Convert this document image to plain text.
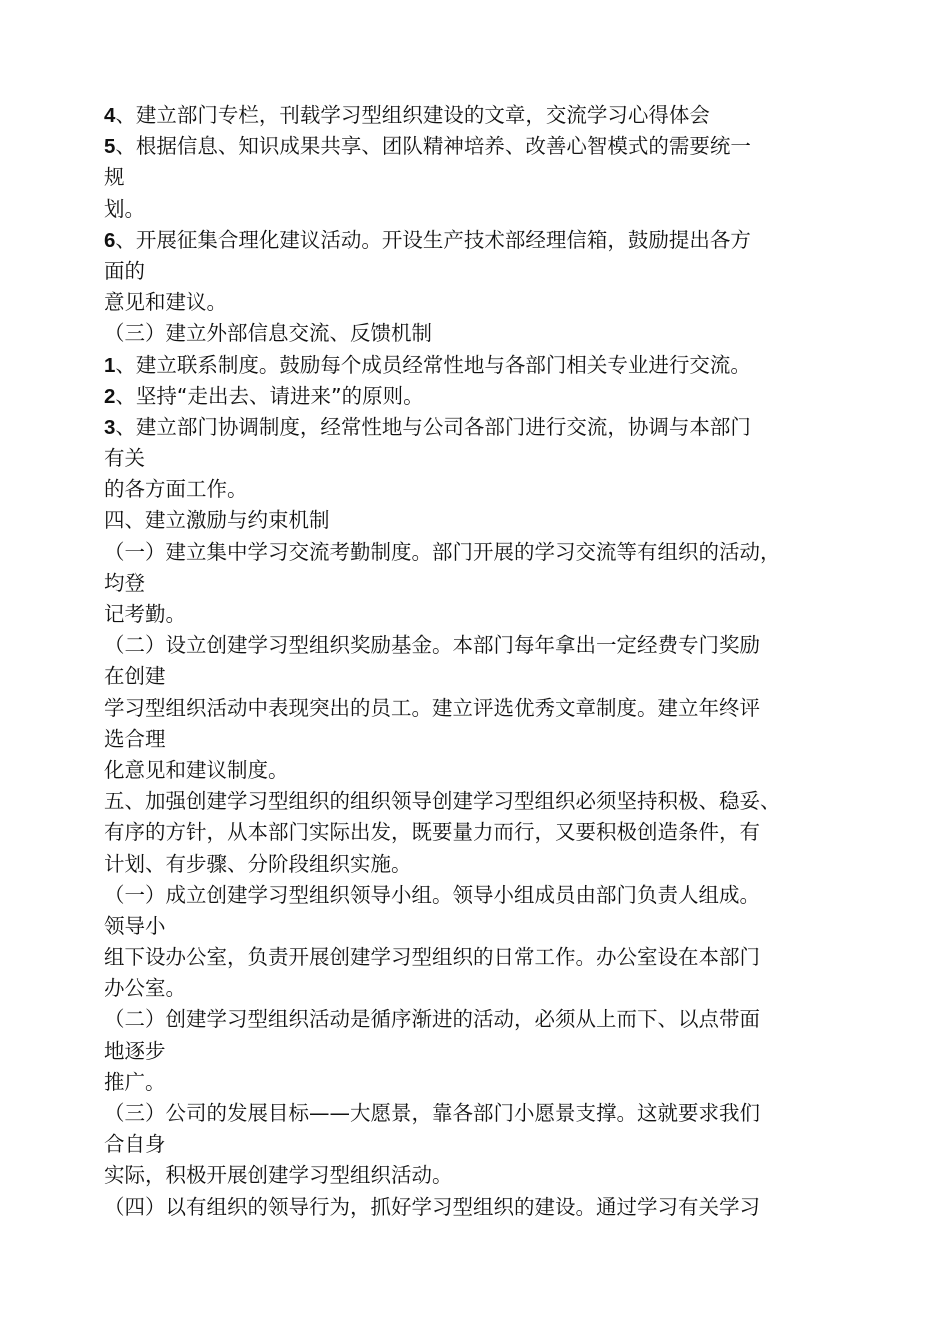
4、建立部门专栏，刊载学习型组织建设的文章，交流学习心得体会
5、根据信息、知识成果共享、团队精神培养、改善心智模式的需要统一
规
划。
6、开展征集合理化建议活动。开设生产技术部经理信箱，鼓励提出各方
面的
意见和建议。
（三）建立外部信息交流、反馈机制
1、建立联系制度。鼓励每个成员经常性地与各部门相关专业进行交流。
2、坚持“走出去、请进来”的原则。
3、建立部门协调制度，经常性地与公司各部门进行交流，协调与本部门
有关
的各方面工作。
四、建立激励与约束机制
（一）建立集中学习交流考勤制度。部门开展的学习交流等有组织的活动，
均登
记考勤。
（二）设立创建学习型组织奖励基金。本部门每年拿出一定经费专门奖励
在创建
学习型组织活动中表现突出的员工。建立评选优秀文章制度。建立年终评
选合理
化意见和建议制度。
五、加强创建学习型组织的组织领导创建学习型组织必须坚持积极、稳妥、
有序的方针，从本部门实际出发，既要量力而行，又要积极创造条件，有
计划、有步骤、分阶段组织实施。
（一）成立创建学习型组织领导小组。领导小组成员由部门负责人组成。
领导小
组下设办公室，负责开展创建学习型组织的日常工作。办公室设在本部门
办公室。
（二）创建学习型组织活动是循序渐进的活动，必须从上而下、以点带面
地逐步
推广。
（三）公司的发展目标——大愿景，靠各部门小愿景支撑。这就要求我们
合自身
实际，积极开展创建学习型组织活动。
（四）以有组织的领导行为，抓好学习型组织的建设。通过学习有关学习
